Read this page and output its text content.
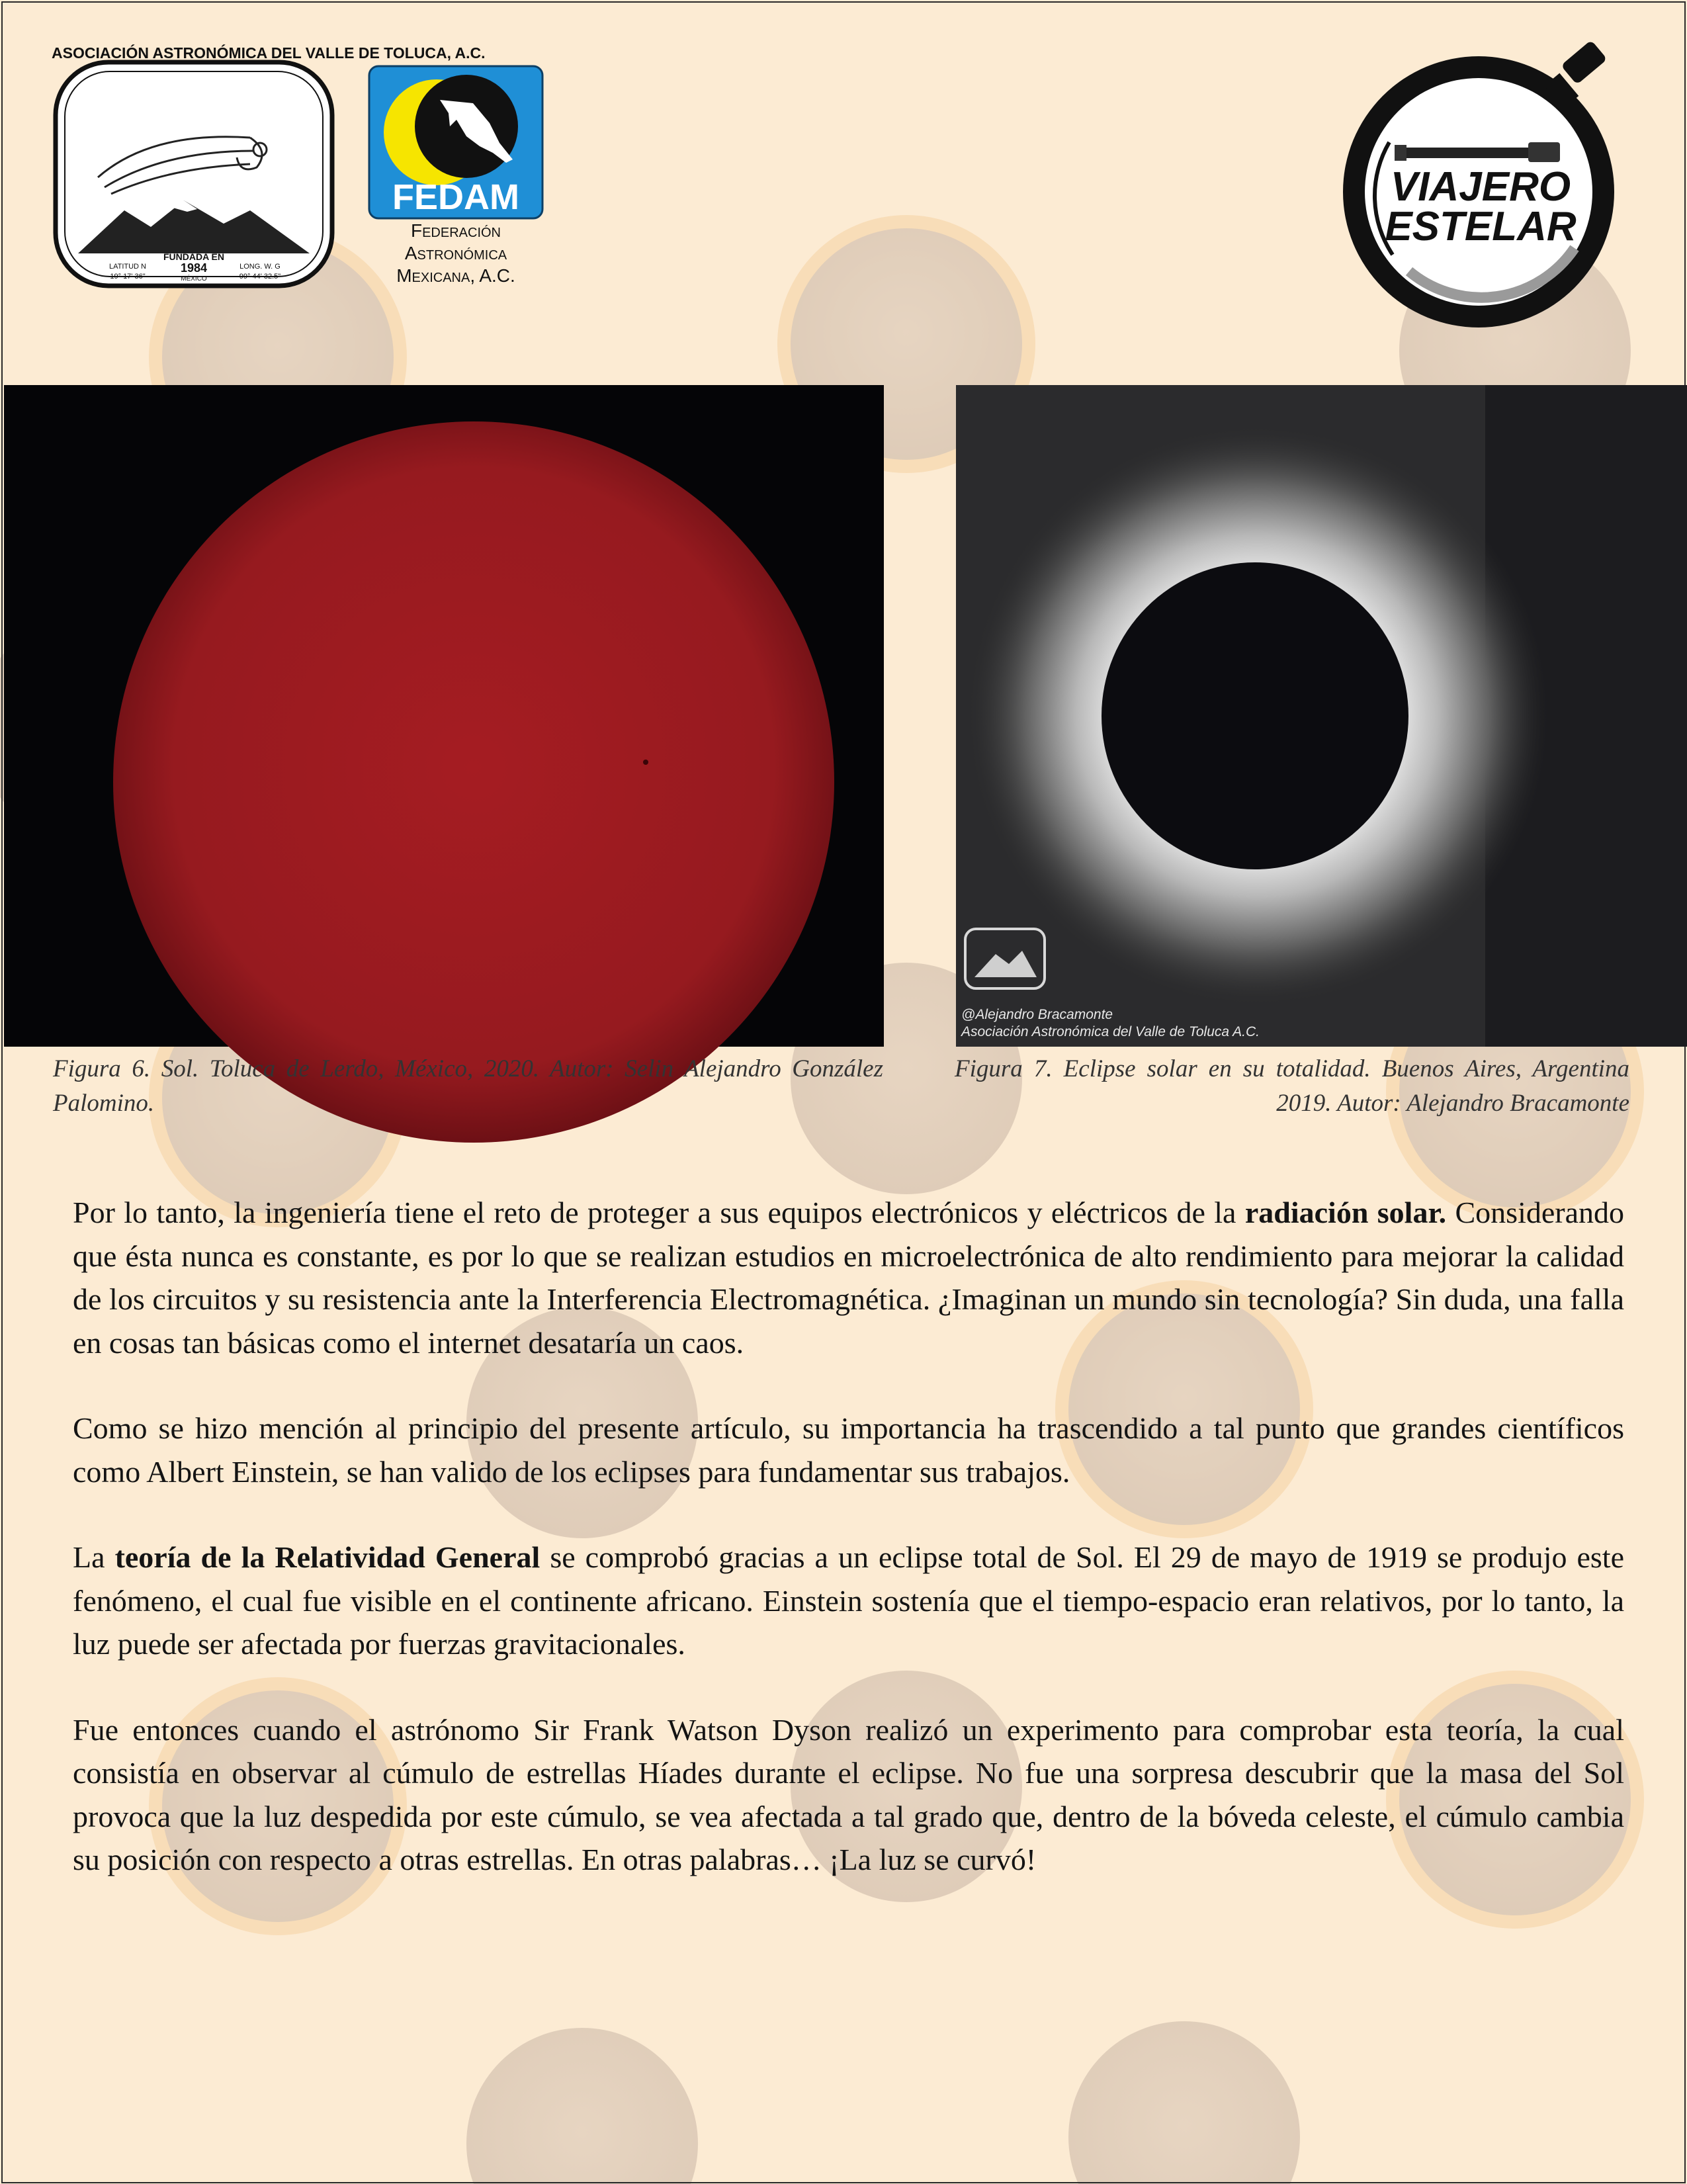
ASOCIACIÓN ASTRONÓMICA DEL VALLE DE TOLUCA, A.C.
FUNDADA EN
1984
MÉXICO
LATITUD N
19° 17' 36"
LONG. W. G
99° 44' 32.5"
FEDAM
Federación
Astronómica
Mexicana, A.C.
VIAJERO
ESTELAR
@Alejandro Bracamonte
Asociación Astronómica del Valle de Toluca A.C.
Figura 6. Sol. Toluca de Lerdo, México, 2020. Autor: Selin Alejandro González Palomino.
Figura 7. Eclipse solar en su totalidad. Buenos Aires, Argentina 2019. Autor: Alejandro Bracamonte

Por lo tanto, la ingeniería tiene el reto de proteger a sus equipos electrónicos y eléctricos de la radiación solar. Considerando que ésta nunca es constante, es por lo que se realizan estudios en microelectrónica de alto rendimiento para mejorar la calidad de los circuitos y su resistencia ante la Interferencia Electromagnética. ¿Imaginan un mundo sin tecnología? Sin duda, una falla en cosas tan básicas como el internet desataría un caos.

Como se hizo mención al principio del presente artículo, su importancia ha trascendido a tal punto que grandes científicos como Albert Einstein, se han valido de los eclipses para fundamentar sus trabajos.

La teoría de la Relatividad General se comprobó gracias a un eclipse total de Sol. El 29 de mayo de 1919 se produjo este fenómeno, el cual fue visible en el continente africano. Einstein sostenía que el tiempo-espacio eran relativos, por lo tanto, la luz puede ser afectada por fuerzas gravitacionales.

Fue entonces cuando el astrónomo Sir Frank Watson Dyson realizó un experimento para comprobar esta teoría, la cual consistía en observar al cúmulo de estrellas Híades durante el eclipse. No fue una sorpresa descubrir que la masa del Sol provoca que la luz despedida por este cúmulo, se vea afectada a tal grado que, dentro de la bóveda celeste, el cúmulo cambia su posición con respecto a otras estrellas. En otras palabras… ¡La luz se curvó!
